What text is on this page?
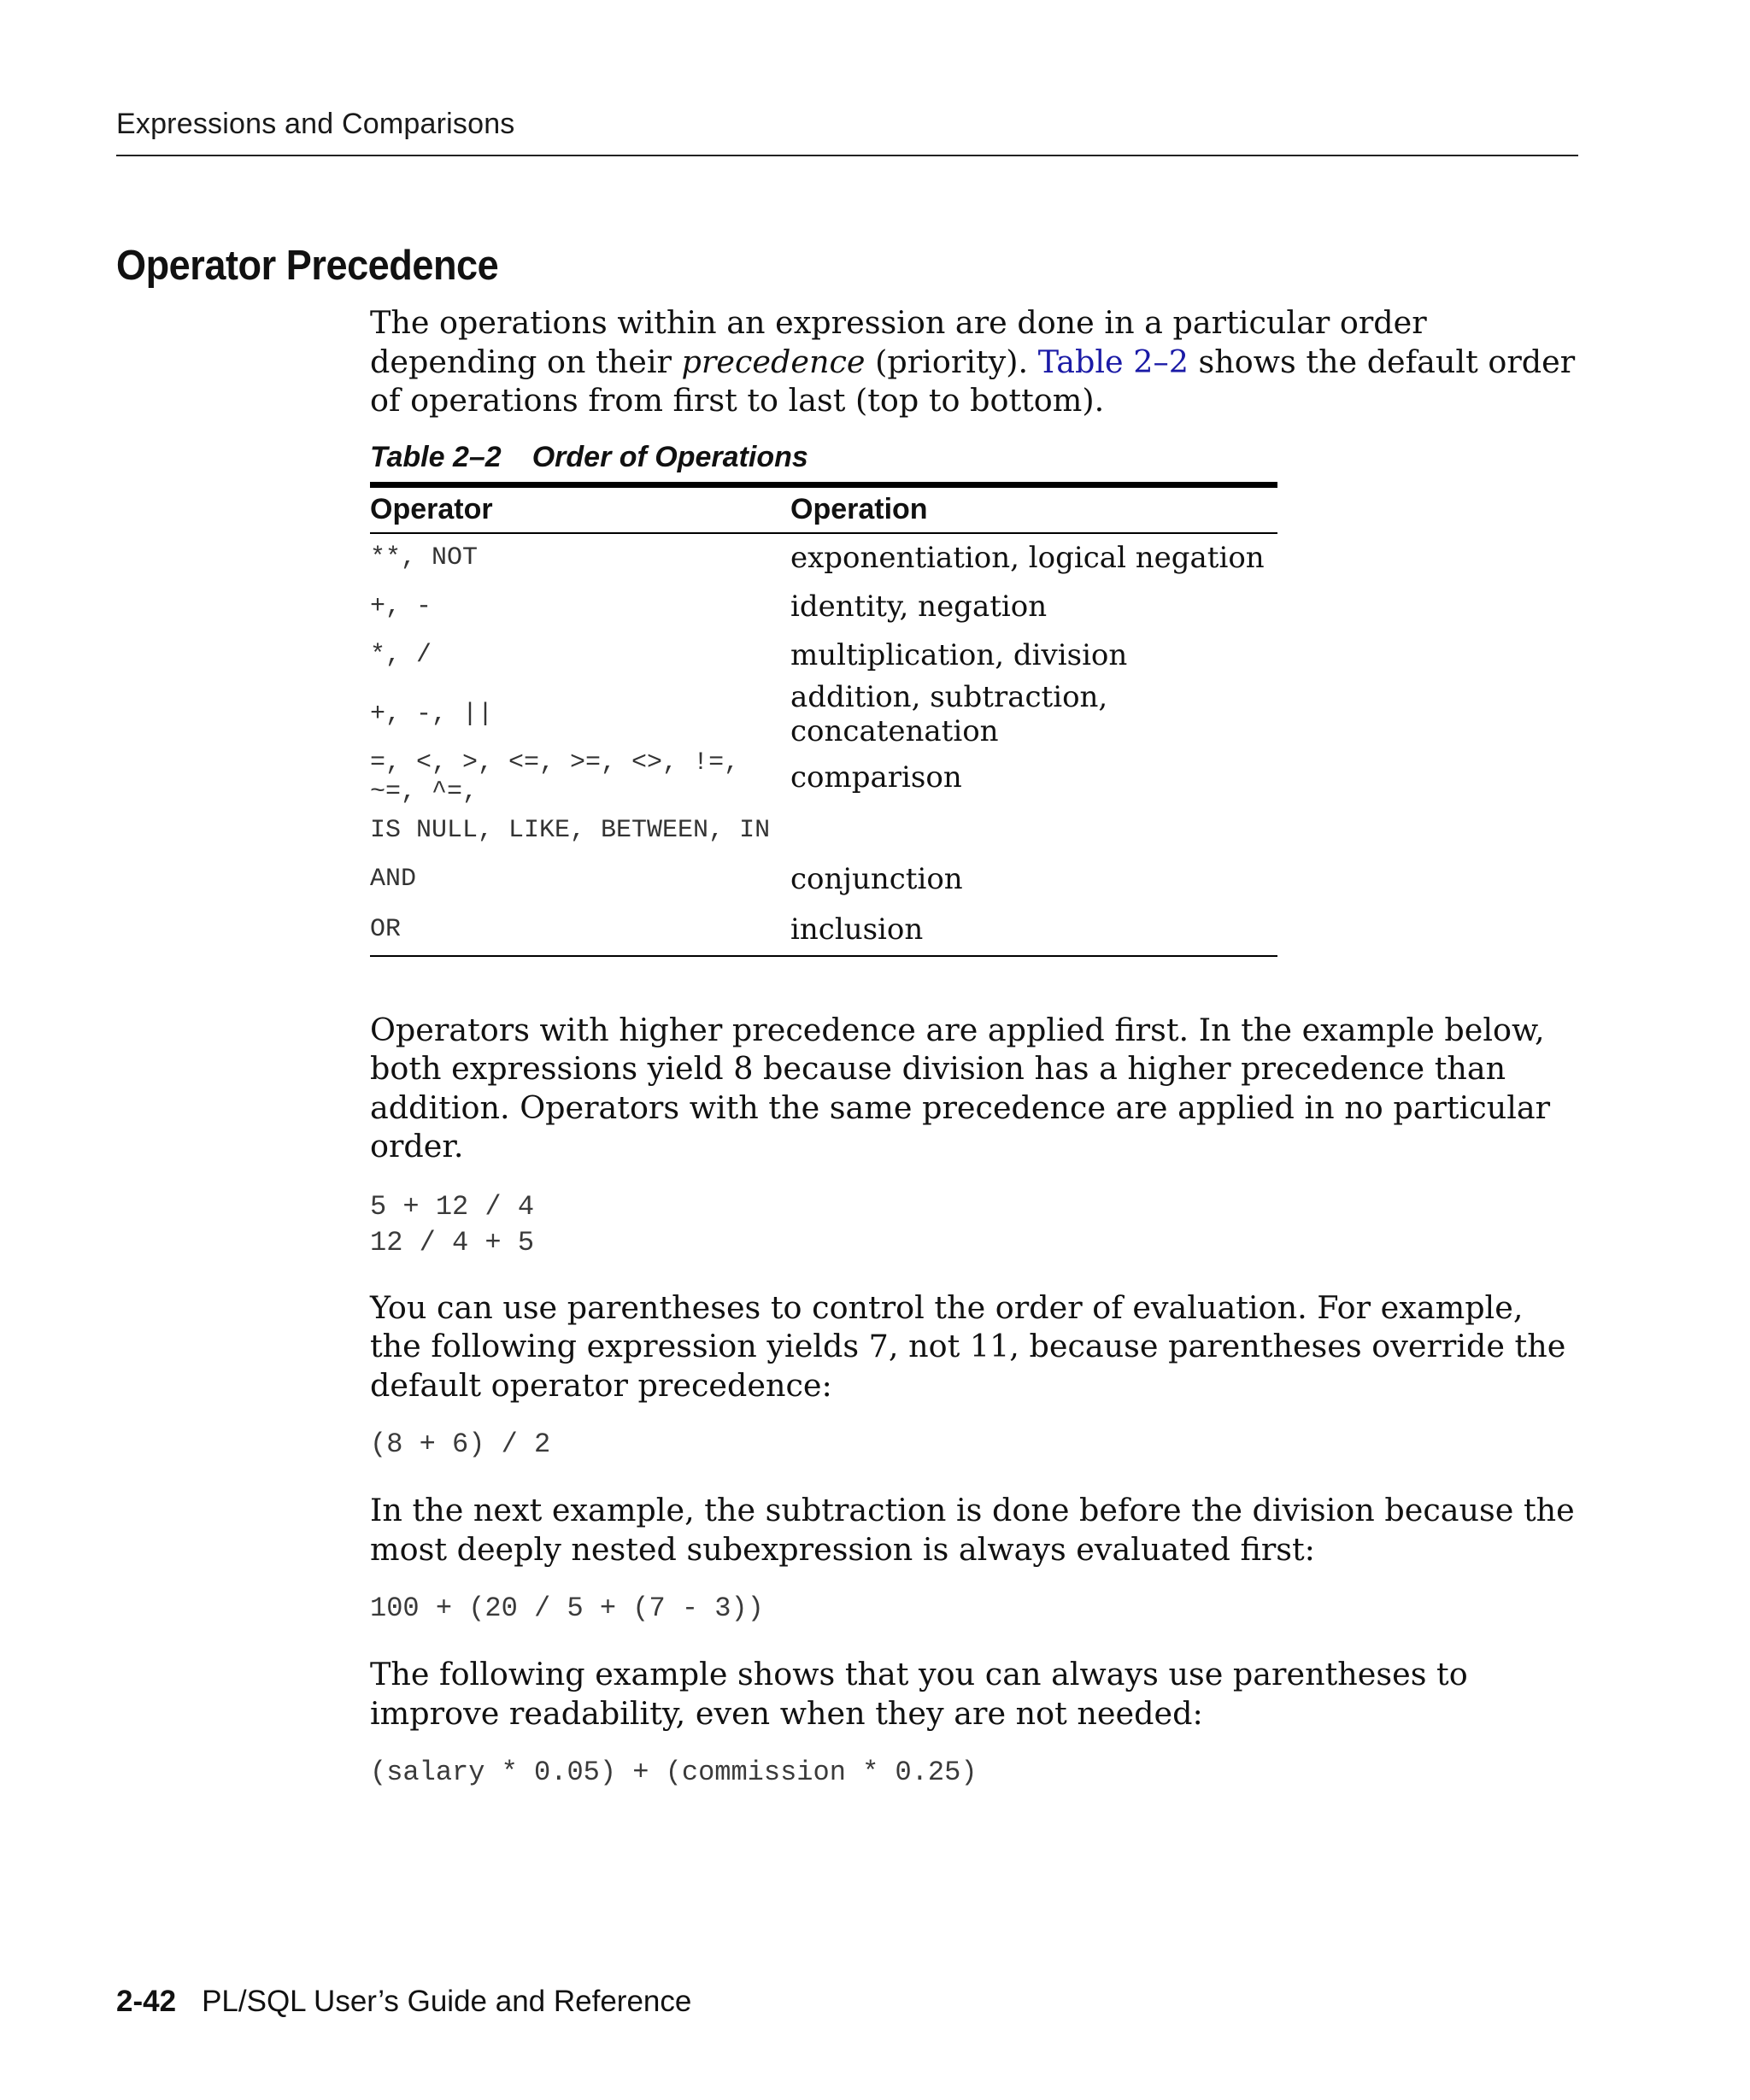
Expressions and Comparisons
Operator Precedence

The operations within an expression are done in a particular order depending on their precedence (priority). Table 2–2 shows the default order of operations from first to last (top to bottom).

Table 2–2 Order of Operations
Operator	Operation
**, NOT	exponentiation, logical negation
+, -	identity, negation
*, /	multiplication, division
+, -, ||	addition, subtraction, concatenation
=, <, >, <=, >=, <>, !=, ~=, ^=,	comparison
IS NULL, LIKE, BETWEEN, IN	
AND	conjunction
OR	inclusion

Operators with higher precedence are applied first. In the example below, both expressions yield 8 because division has a higher precedence than addition. Operators with the same precedence are applied in no particular order.

5 + 12 / 4
12 / 4 + 5

You can use parentheses to control the order of evaluation. For example, the following expression yields 7, not 11, because parentheses override the default operator precedence:

(8 + 6) / 2

In the next example, the subtraction is done before the division because the most deeply nested subexpression is always evaluated first:

100 + (20 / 5 + (7 - 3))

The following example shows that you can always use parentheses to improve readability, even when they are not needed:

(salary * 0.05) + (commission * 0.25)
2-42 PL/SQL User’s Guide and Reference
